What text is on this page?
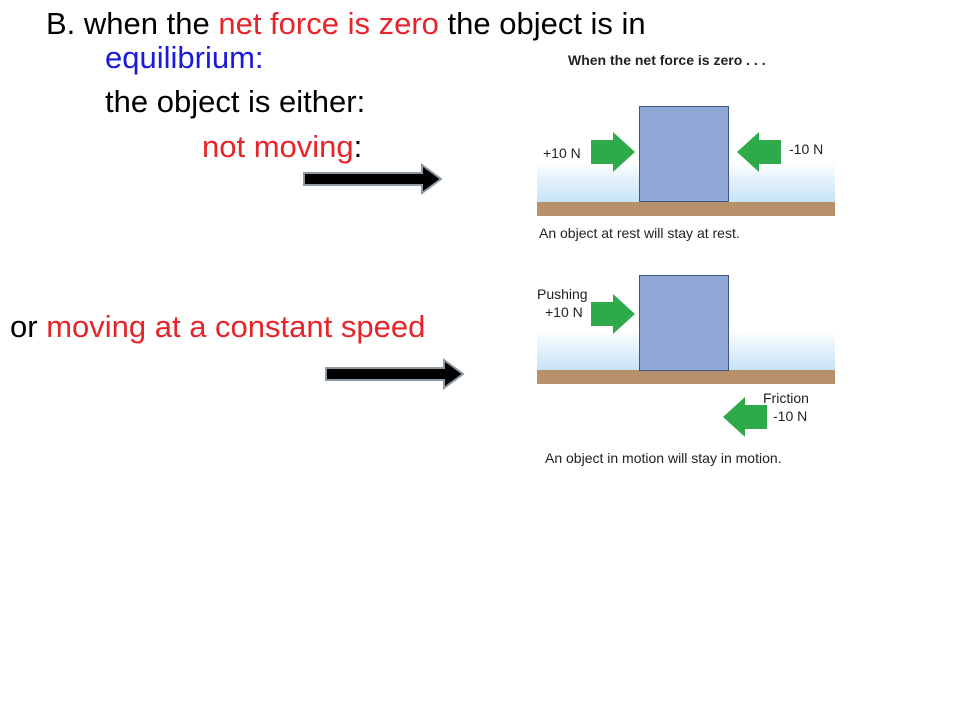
B. when the net force is zero the object is in
equilibrium:
the object is either:
not moving:
or moving at a constant speed
When the net force is zero . . .
+10 N	-10 N
An object at rest will stay at rest.
Pushing
+10 N
Friction
-10 N
An object in motion will stay in motion.
